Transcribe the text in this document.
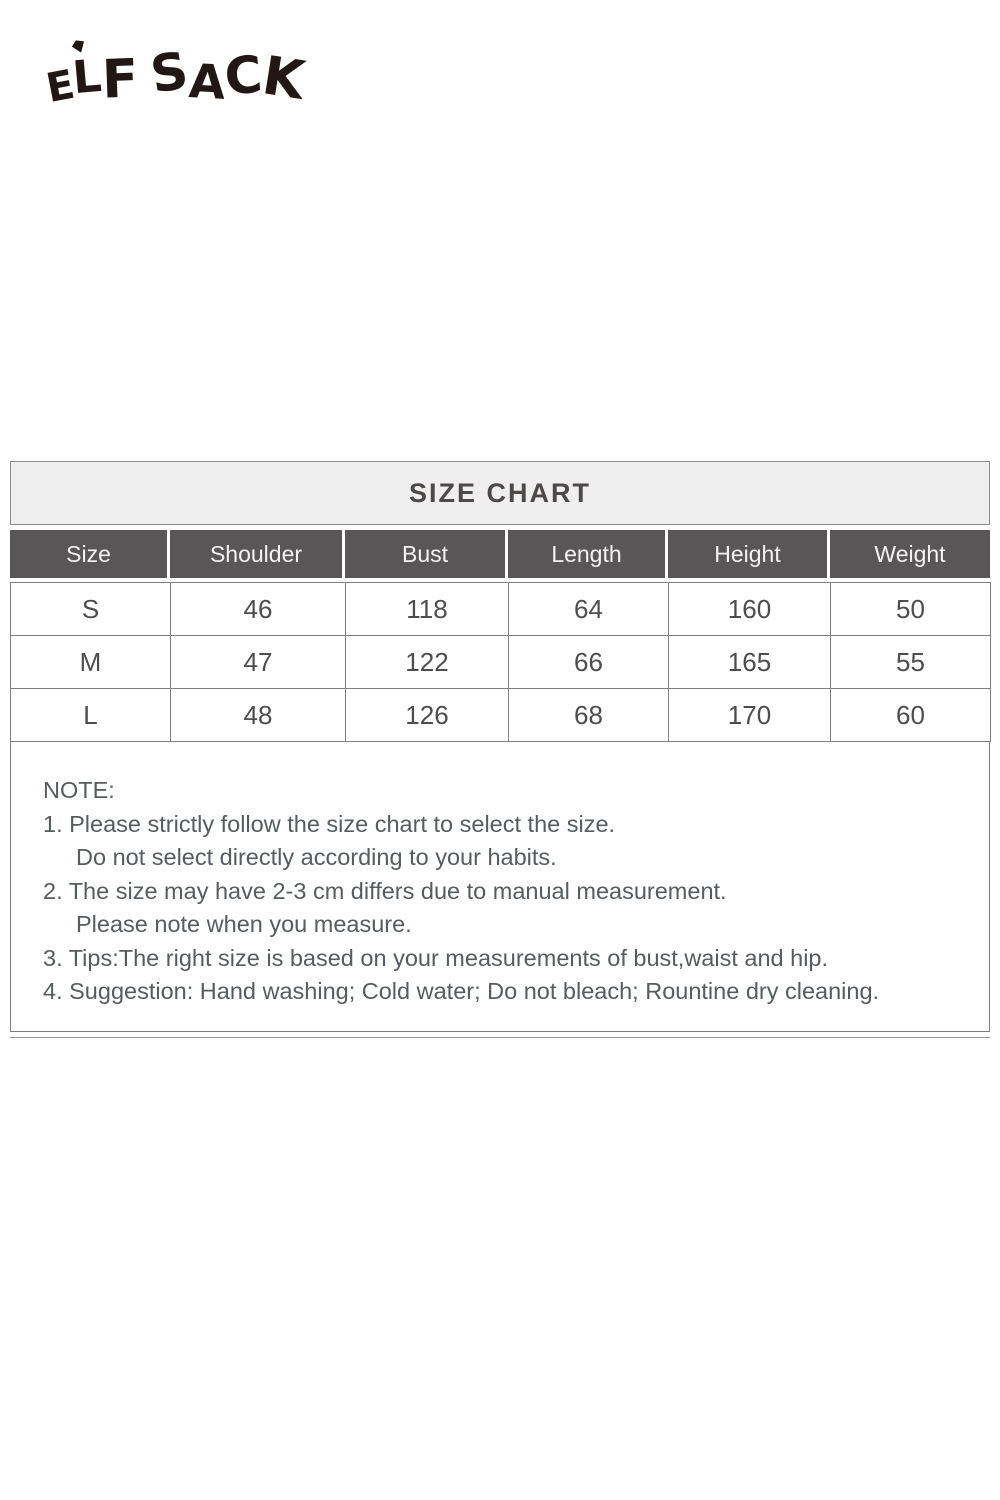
ELF SACK
SIZE CHART
Size	Shoulder	Bust	Length	Height	Weight
S	46	118	64	160	50
M	47	122	66	165	55
L	48	126	68	170	60
NOTE:
1. Please strictly follow the size chart to select the size.
Do not select directly according to your habits.
2. The size may have 2-3 cm differs due to manual measurement.
Please note when you measure.
3. Tips:The right size is based on your measurements of bust,waist and hip.
4. Suggestion: Hand washing; Cold water; Do not bleach; Rountine dry cleaning.
